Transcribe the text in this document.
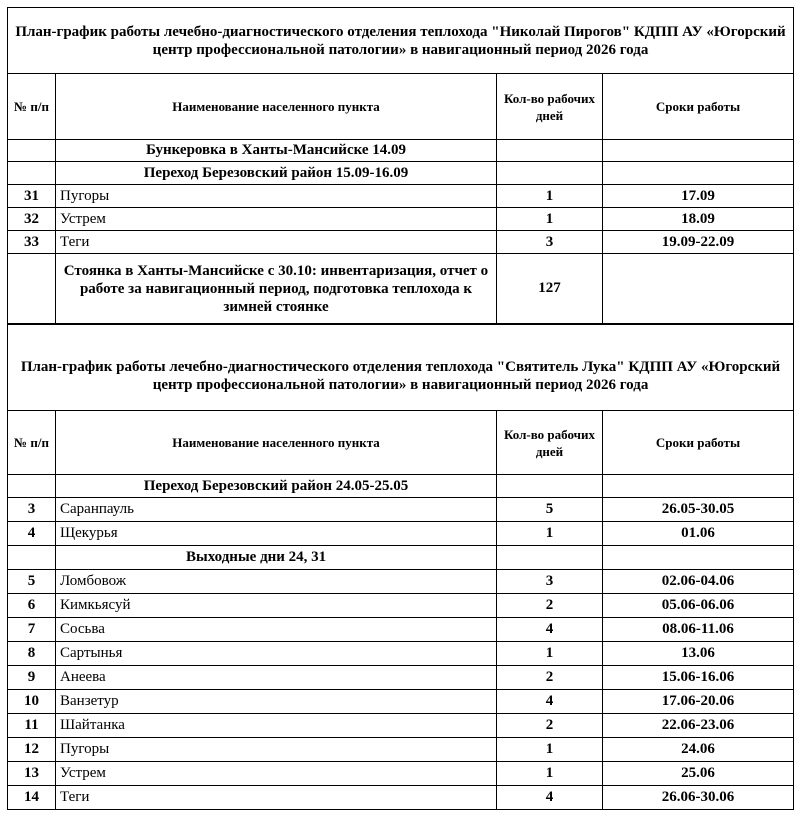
План-график работы лечебно-диагностического отделения теплохода "Николай Пирогов" КДПП АУ «Югорский центр профессиональной патологии» в навигационный период 2026 года			
№ п/п	Наименование населенного пункта	Кол-во рабочих дней	Сроки работы
	Бункеровка в Ханты-Мансийске 14.09		
	Переход Березовский район 15.09-16.09		
31	Пугоры	1	17.09
32	Устрем	1	18.09
33	Теги	3	19.09-22.09
	Стоянка в Ханты-Мансийске с 30.10: инвентаризация, отчет о работе за навигационный период, подготовка теплохода к зимней стоянке	127	
План-график работы лечебно-диагностического отделения теплохода "Святитель Лука" КДПП АУ «Югорский центр профессиональной патологии» в навигационный период 2026 года			
№ п/п	Наименование населенного пункта	Кол-во рабочих дней	Сроки работы
	Переход Березовский район 24.05-25.05		
3	Саранпауль	5	26.05-30.05
4	Щекурья	1	01.06
	Выходные дни 24, 31		
5	Ломбовож	3	02.06-04.06
6	Кимкьясуй	2	05.06-06.06
7	Сосьва	4	08.06-11.06
8	Сартынья	1	13.06
9	Анеева	2	15.06-16.06
10	Ванзетур	4	17.06-20.06
11	Шайтанка	2	22.06-23.06
12	Пугоры	1	24.06
13	Устрем	1	25.06
14	Теги	4	26.06-30.06
